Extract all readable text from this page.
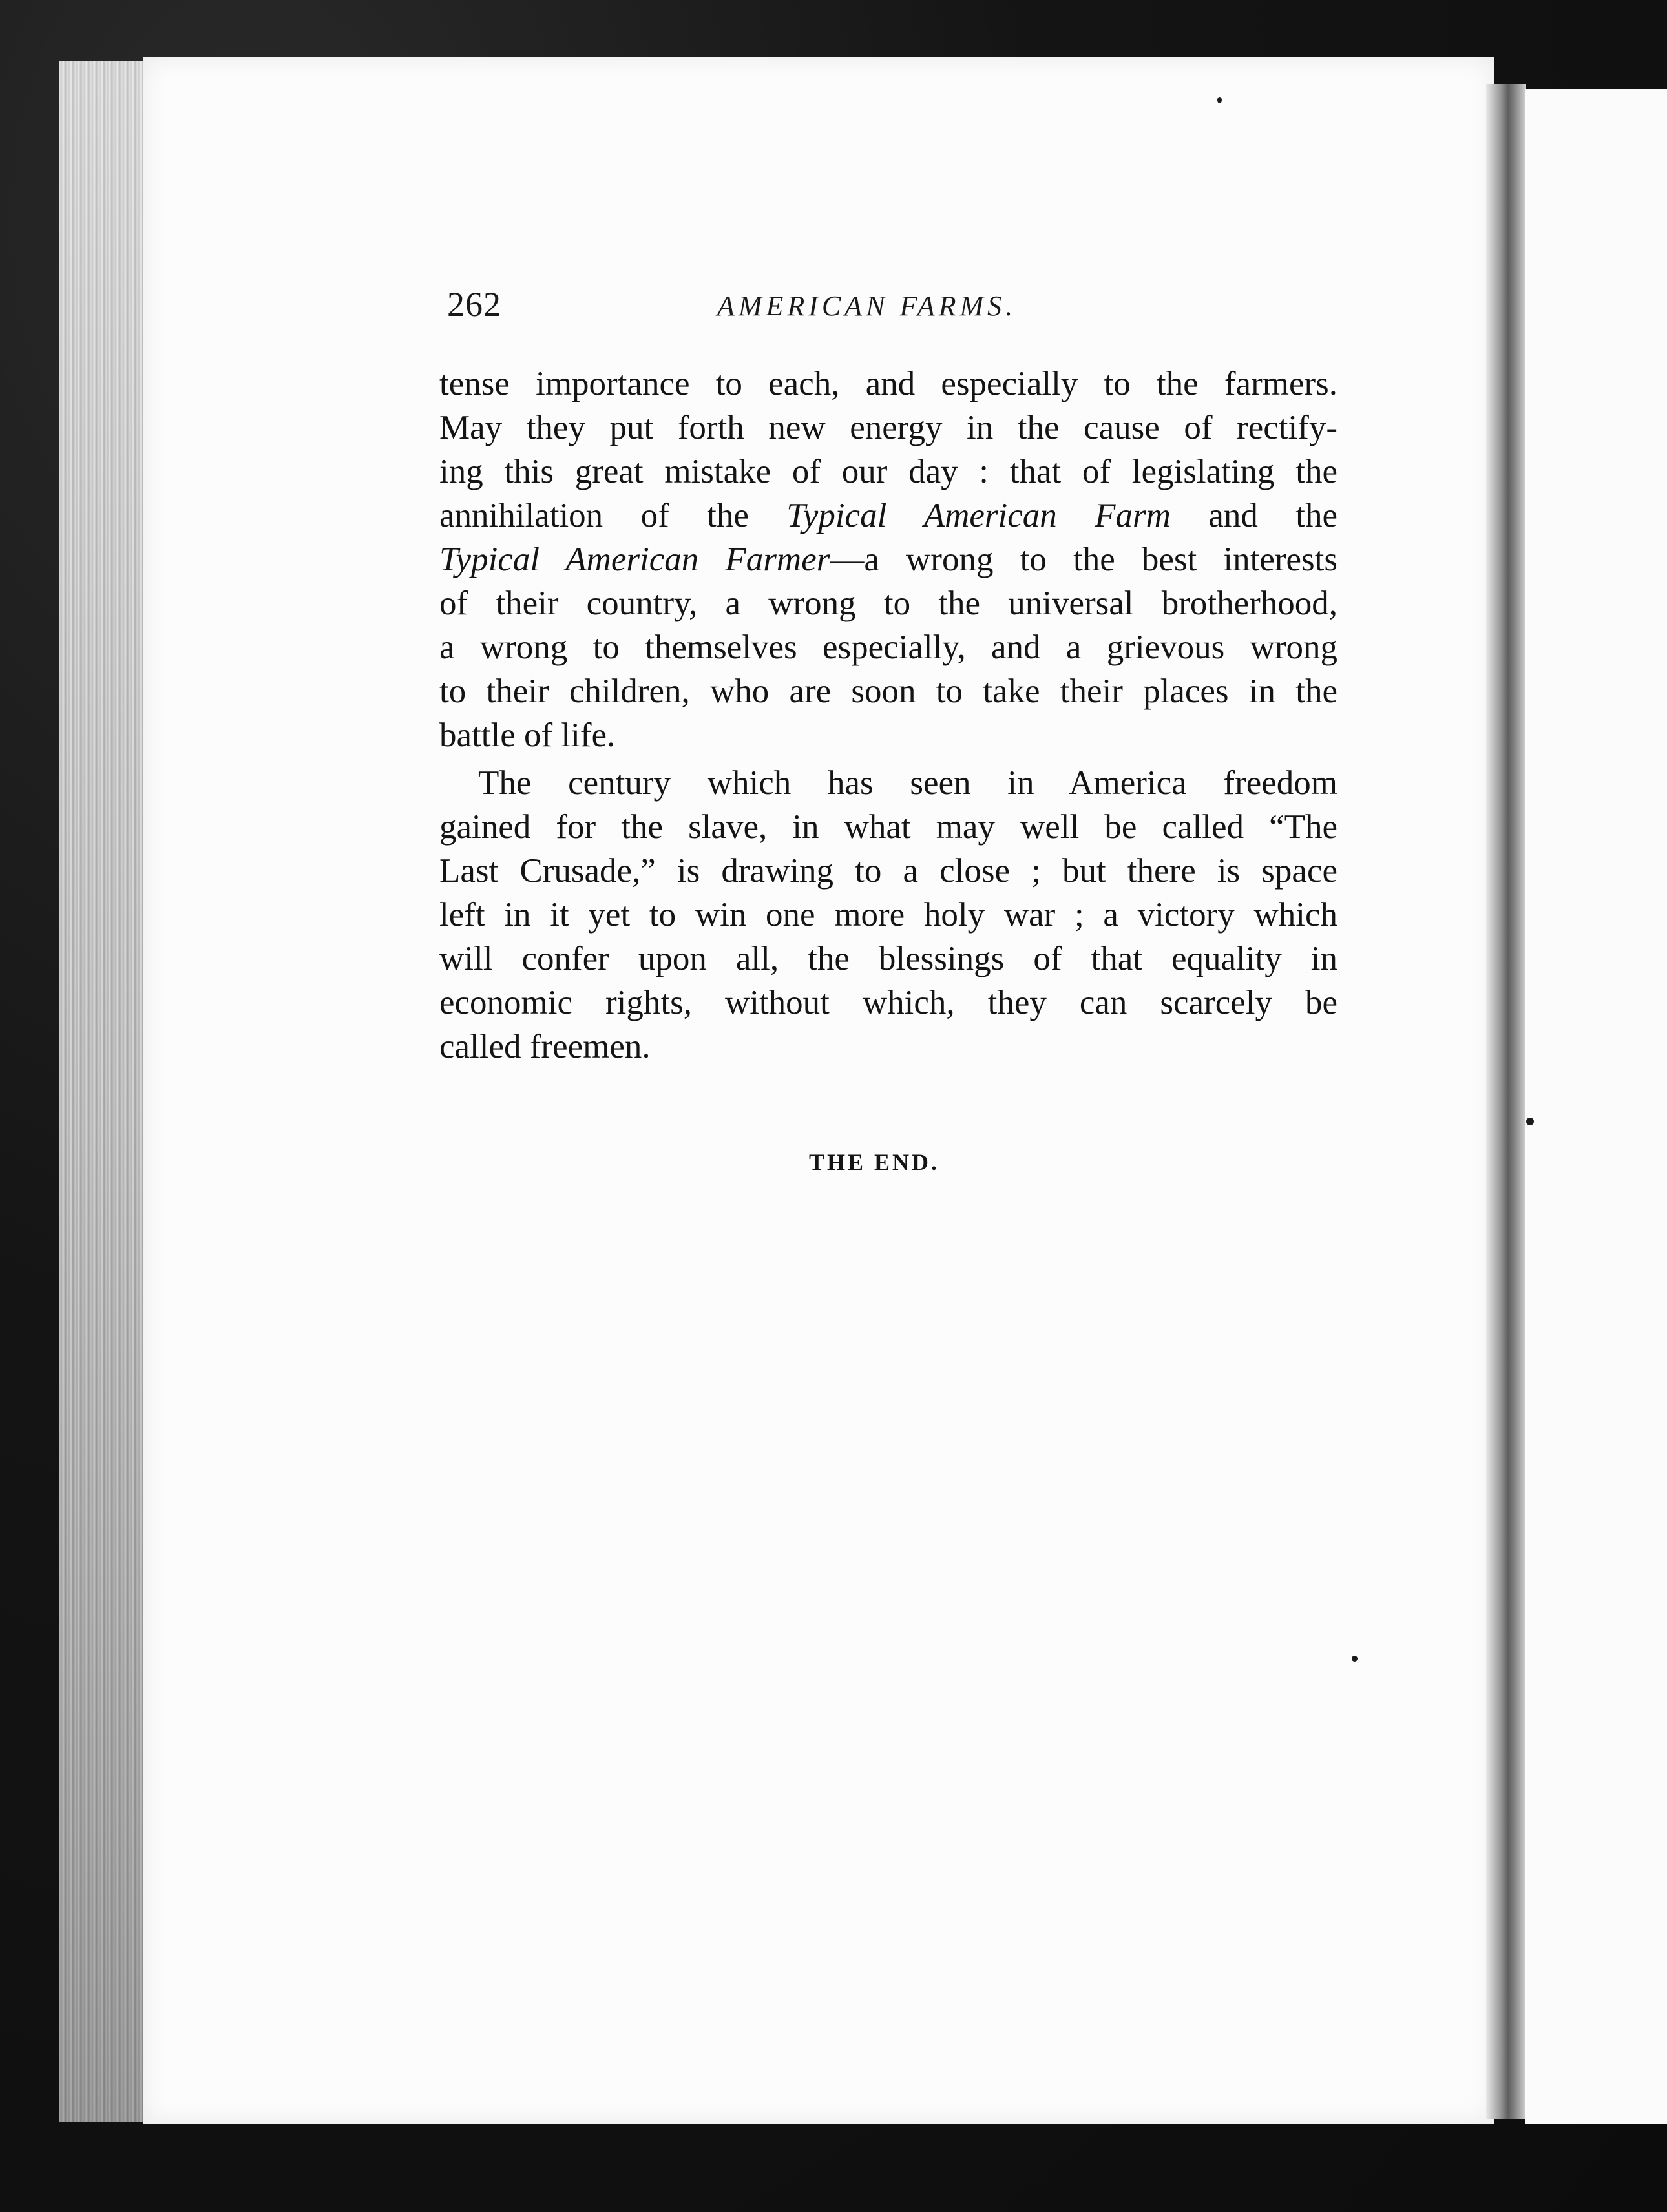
262	AMERICAN FARMS.
tense importance to each, and especially to the farmers.
May they put forth new energy in the cause of rectify-
ing this great mistake of our day : that of legislating the
annihilation of the Typical American Farm and the
Typical American Farmer—a wrong to the best interests
of their country, a wrong to the universal brotherhood,
a wrong to themselves especially, and a grievous wrong
to their children, who are soon to take their places in the
battle of life.
The century which has seen in America freedom
gained for the slave, in what may well be called “The
Last Crusade,” is drawing to a close ; but there is space
left in it yet to win one more holy war ; a victory which
will confer upon all, the blessings of that equality in
economic rights, without which, they can scarcely be
called freemen.
THE END.
